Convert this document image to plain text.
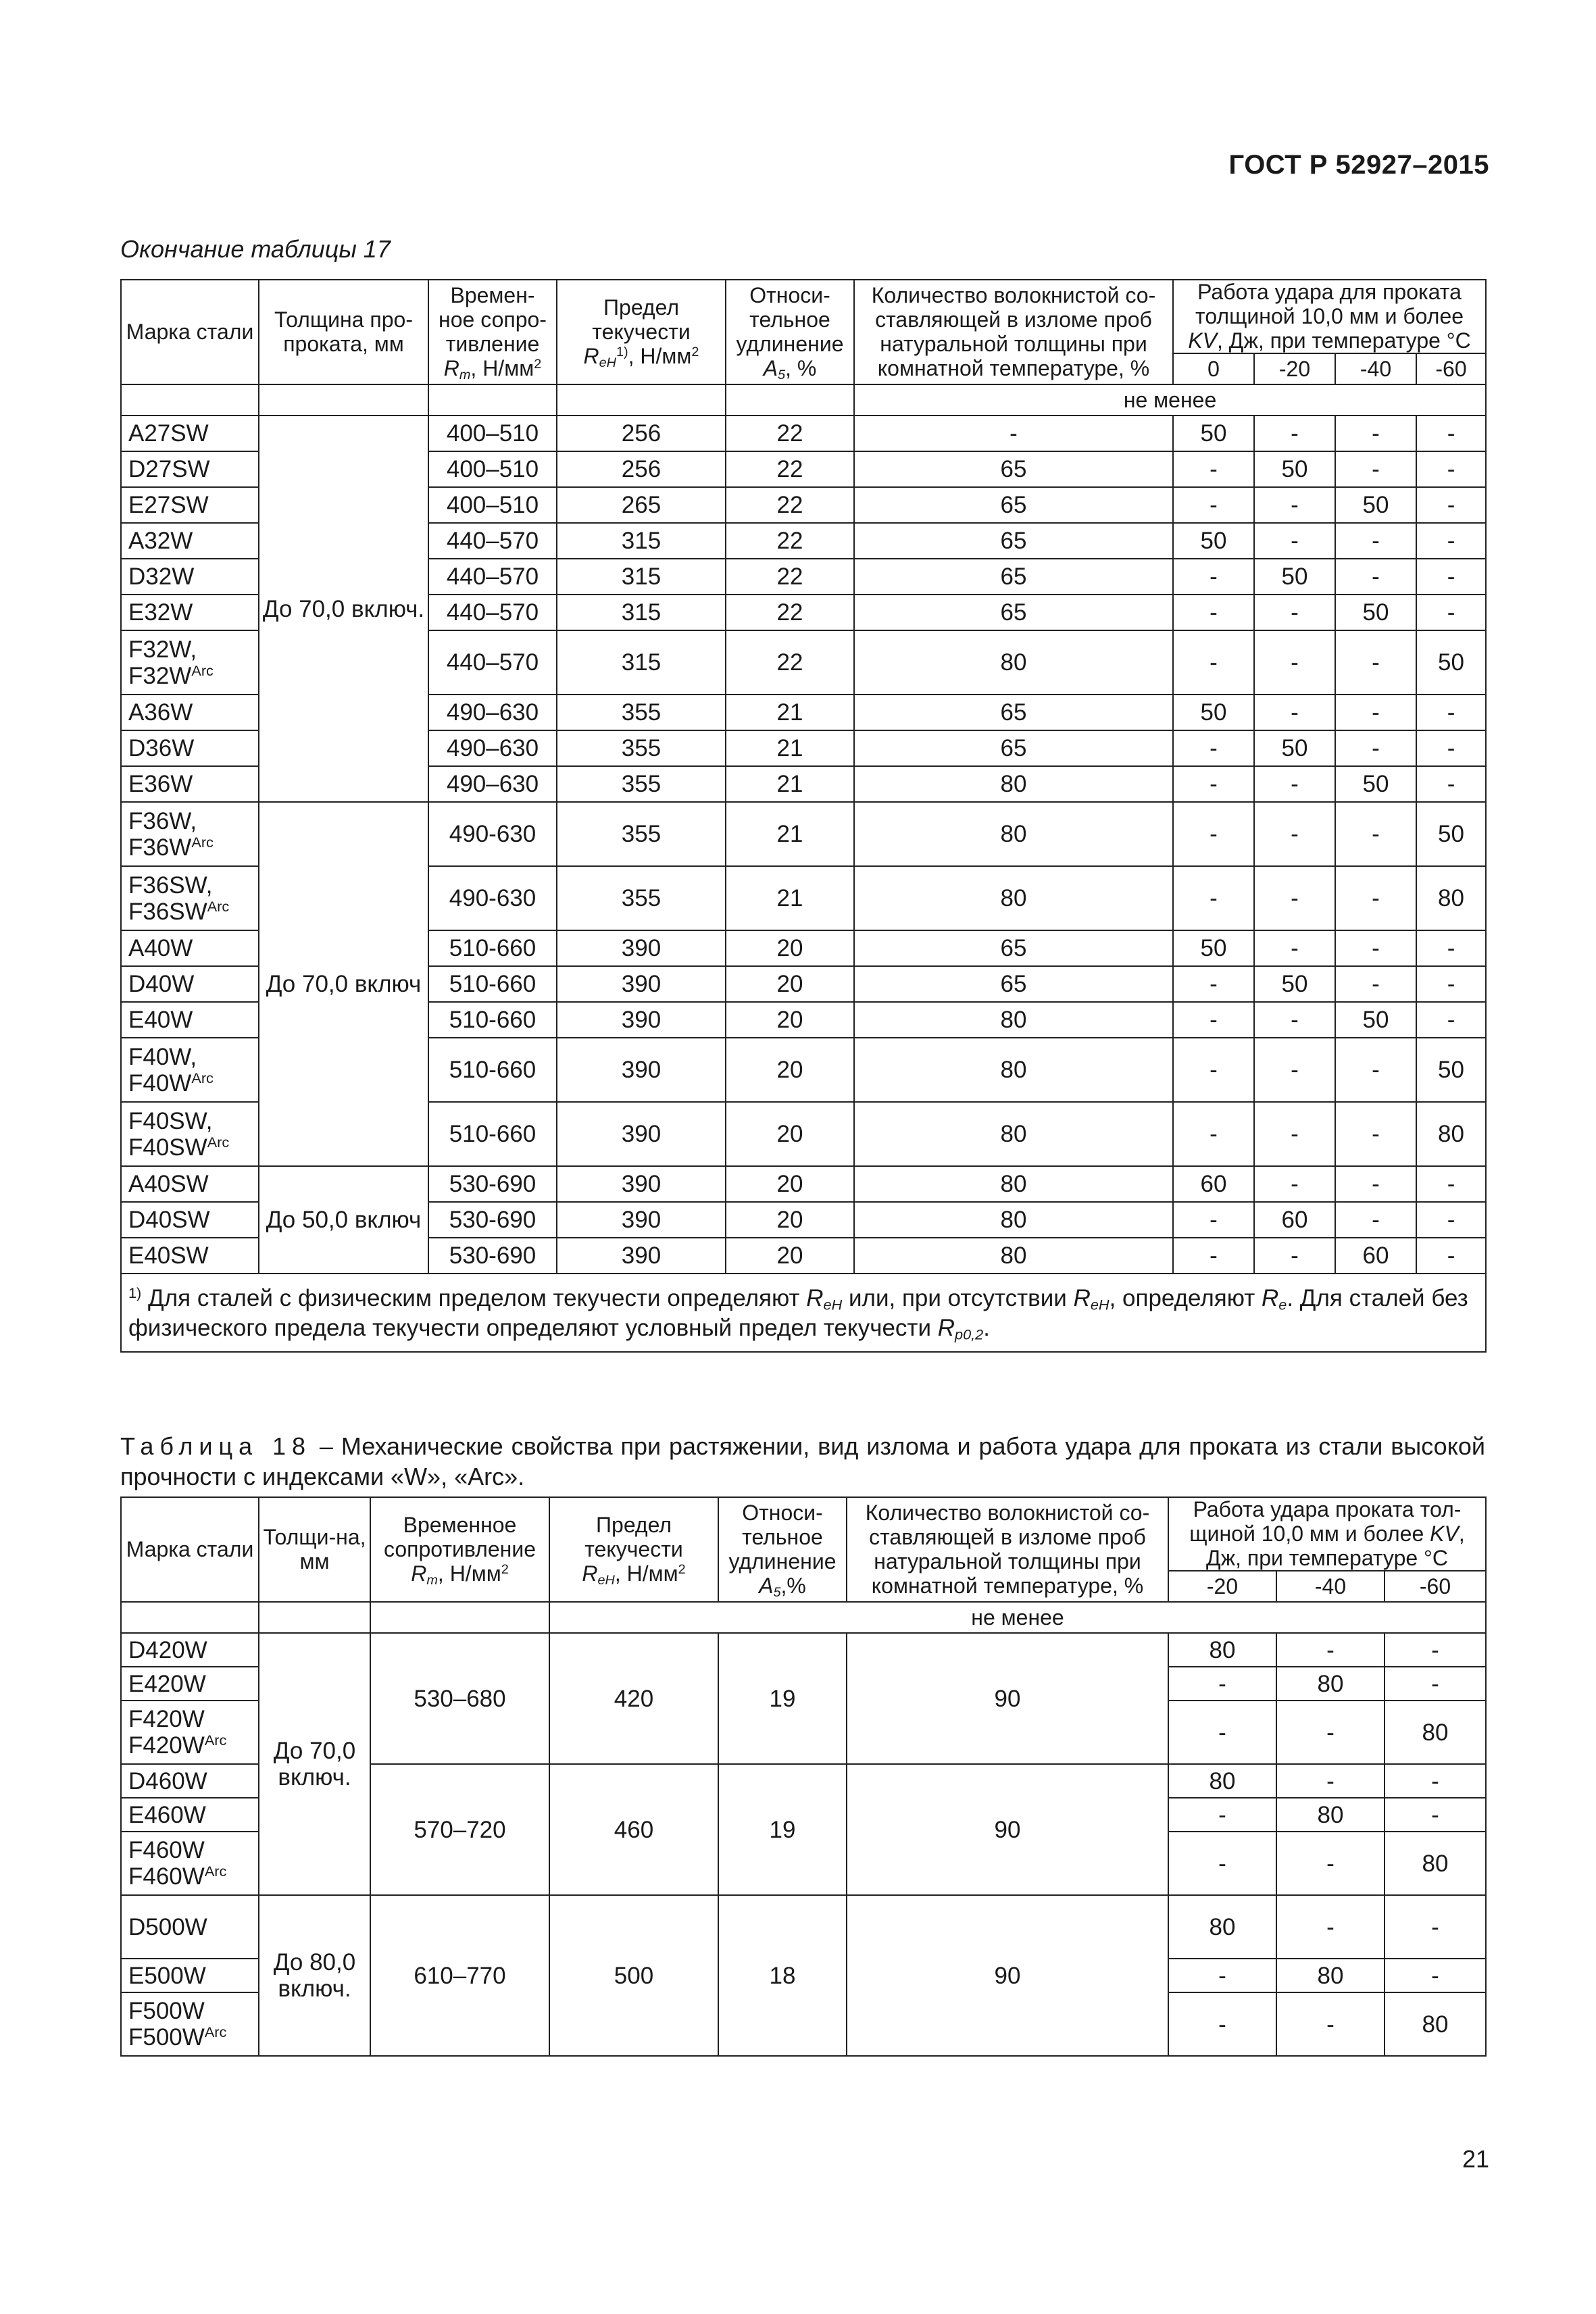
ГОСТ Р 52927–2015
Окончание таблицы 17
Марка стали	Толщина про-проката, мм	Времен-
ное сопро-
тивление
$R_m$, $Н/мм^2$	Предел
текучести
$R_{eH}^{1)}$, $Н/мм^2$	Относи-
тельное
удлинение
$A_5$, %	Количество волокнистой со-ставляющей в изломе проб натуральной толщины при комнатной температуре, %	Работа удара для проката толщиной 10,0 мм и более KV, Дж, при температуре °С			
						0	-20	-40	-60
					не менее				
A27SW	До 70,0 включ.	400–510	256	22	-	50	-	-	-
D27SW		400–510	256	22	65	-	50	-	-
E27SW		400–510	265	22	65	-	-	50	-
A32W		440–570	315	22	65	50	-	-	-
D32W		440–570	315	22	65	-	50	-	-
E32W		440–570	315	22	65	-	-	50	-
F32W,
$F32W^{Arc}$		440–570	315	22	80	-	-	-	50
A36W		490–630	355	21	65	50	-	-	-
D36W		490–630	355	21	65	-	50	-	-
E36W		490–630	355	21	80	-	-	50	-
F36W,
$F36W^{Arc}$	До 70,0 включ	490-630	355	21	80	-	-	-	50
F36SW,
$F36SW^{Arc}$		490-630	355	21	80	-	-	-	80
A40W		510-660	390	20	65	50	-	-	-
D40W		510-660	390	20	65	-	50	-	-
E40W		510-660	390	20	80	-	-	50	-
F40W,
$F40W^{Arc}$		510-660	390	20	80	-	-	-	50
F40SW,
$F40SW^{Arc}$		510-660	390	20	80	-	-	-	80
A40SW	До 50,0 включ	530-690	390	20	80	60	-	-	-
D40SW		530-690	390	20	80	-	60	-	-
E40SW		530-690	390	20	80	-	-	60	-
$^{1)}$ Для сталей с физическим пределом текучести определяют $R_{eH}$ или, при отсутствии $R_{eH}$, определяют $R_e$. Для сталей без физического предела текучести определяют условный предел текучести $R_{p0,2}$.									
Таблица 18 – Механические свойства при растяжении, вид излома и работа удара для проката из стали высокой прочности с индексами «W», «Arc».
Марка стали	Толщи-на, мм	Временное
сопротивление
$R_m$, $Н/мм^2$	Предел
текучести
$R_{eH}$, $Н/мм^2$	Относи-
тельное
удлинение
$A_5,\%$	Количество волокнистой со-ставляющей в изломе проб натуральной толщины при комнатной температуре, %	Работа удара проката тол-щиной 10,0 мм и более KV, Дж, при температуре °С		
						-20	-40	-60
			не менее					
D420W	До 70,0 включ.	530–680	420	19	90	80	-	-
E420W						-	80	-
F420W
$F420W^{Arc}$						-	-	80
D460W		570–720	460	19	90	80	-	-
E460W						-	80	-
F460W
$F460W^{Arc}$						-	-	80
D500W	До 80,0 включ.	610–770	500	18	90	80	-	-
E500W						-	80	-
F500W
$F500W^{Arc}$						-	-	80
21
